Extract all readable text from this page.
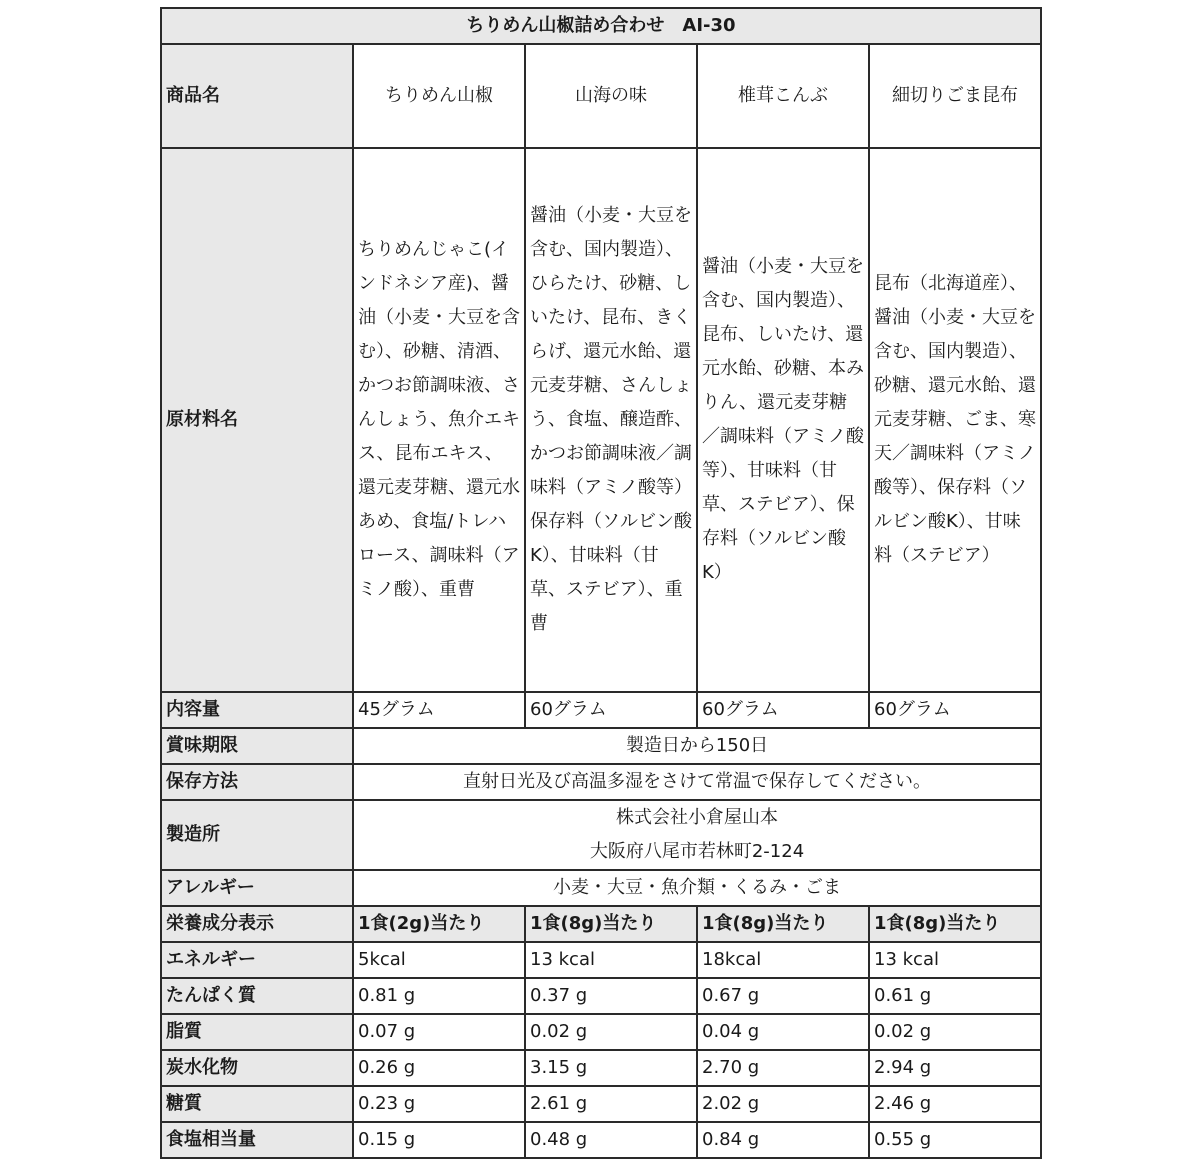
ちりめん山椒詰め合わせ　AI-30				
商品名	ちりめん山椒	山海の味	椎茸こんぶ	細切りごま昆布
原材料名	ちりめんじゃこ(インドネシア産)、醤油（小麦・大豆を含む）、砂糖、清酒、かつお節調味液、さんしょう、魚介エキス、昆布エキス、還元麦芽糖、還元水あめ、食塩/トレハロース、調味料（アミノ酸）、重曹	醤油（小麦・大豆を含む、国内製造）、ひらたけ、砂糖、しいたけ、昆布、きくらげ、還元水飴、還元麦芽糖、さんしょう、食塩、醸造酢、かつお節調味液／調味料（アミノ酸等）保存料（ソルビン酸K）、甘味料（甘草、ステビア）、重曹	醤油（小麦・大豆を含む、国内製造）、昆布、しいたけ、還元水飴、砂糖、本みりん、還元麦芽糖／調味料（アミノ酸等）、甘味料（甘草、ステビア）、保存料（ソルビン酸K）	昆布（北海道産）、醤油（小麦・大豆を含む、国内製造）、砂糖、還元水飴、還元麦芽糖、ごま、寒天／調味料（アミノ酸等）、保存料（ソルビン酸K）、甘味料（ステビア）
内容量	45グラム	60グラム	60グラム	60グラム
賞味期限	製造日から150日			
保存方法	直射日光及び高温多湿をさけて常温で保存してください。			
製造所	株式会社小倉屋山本
大阪府八尾市若林町2-124			

アレルギー	小麦・大豆・魚介類・くるみ・ごま			
栄養成分表示	1食(2g)当たり	1食(8g)当たり	1食(8g)当たり	1食(8g)当たり
エネルギー	5kcal	13 kcal	18kcal	13 kcal
たんぱく質	0.81 g	0.37 g	0.67 g	0.61 g
脂質	0.07 g	0.02 g	0.04 g	0.02 g
炭水化物	0.26 g	3.15 g	2.70 g	2.94 g
糖質	0.23 g	2.61 g	2.02 g	2.46 g
食塩相当量	0.15 g	0.48 g	0.84 g	0.55 g
